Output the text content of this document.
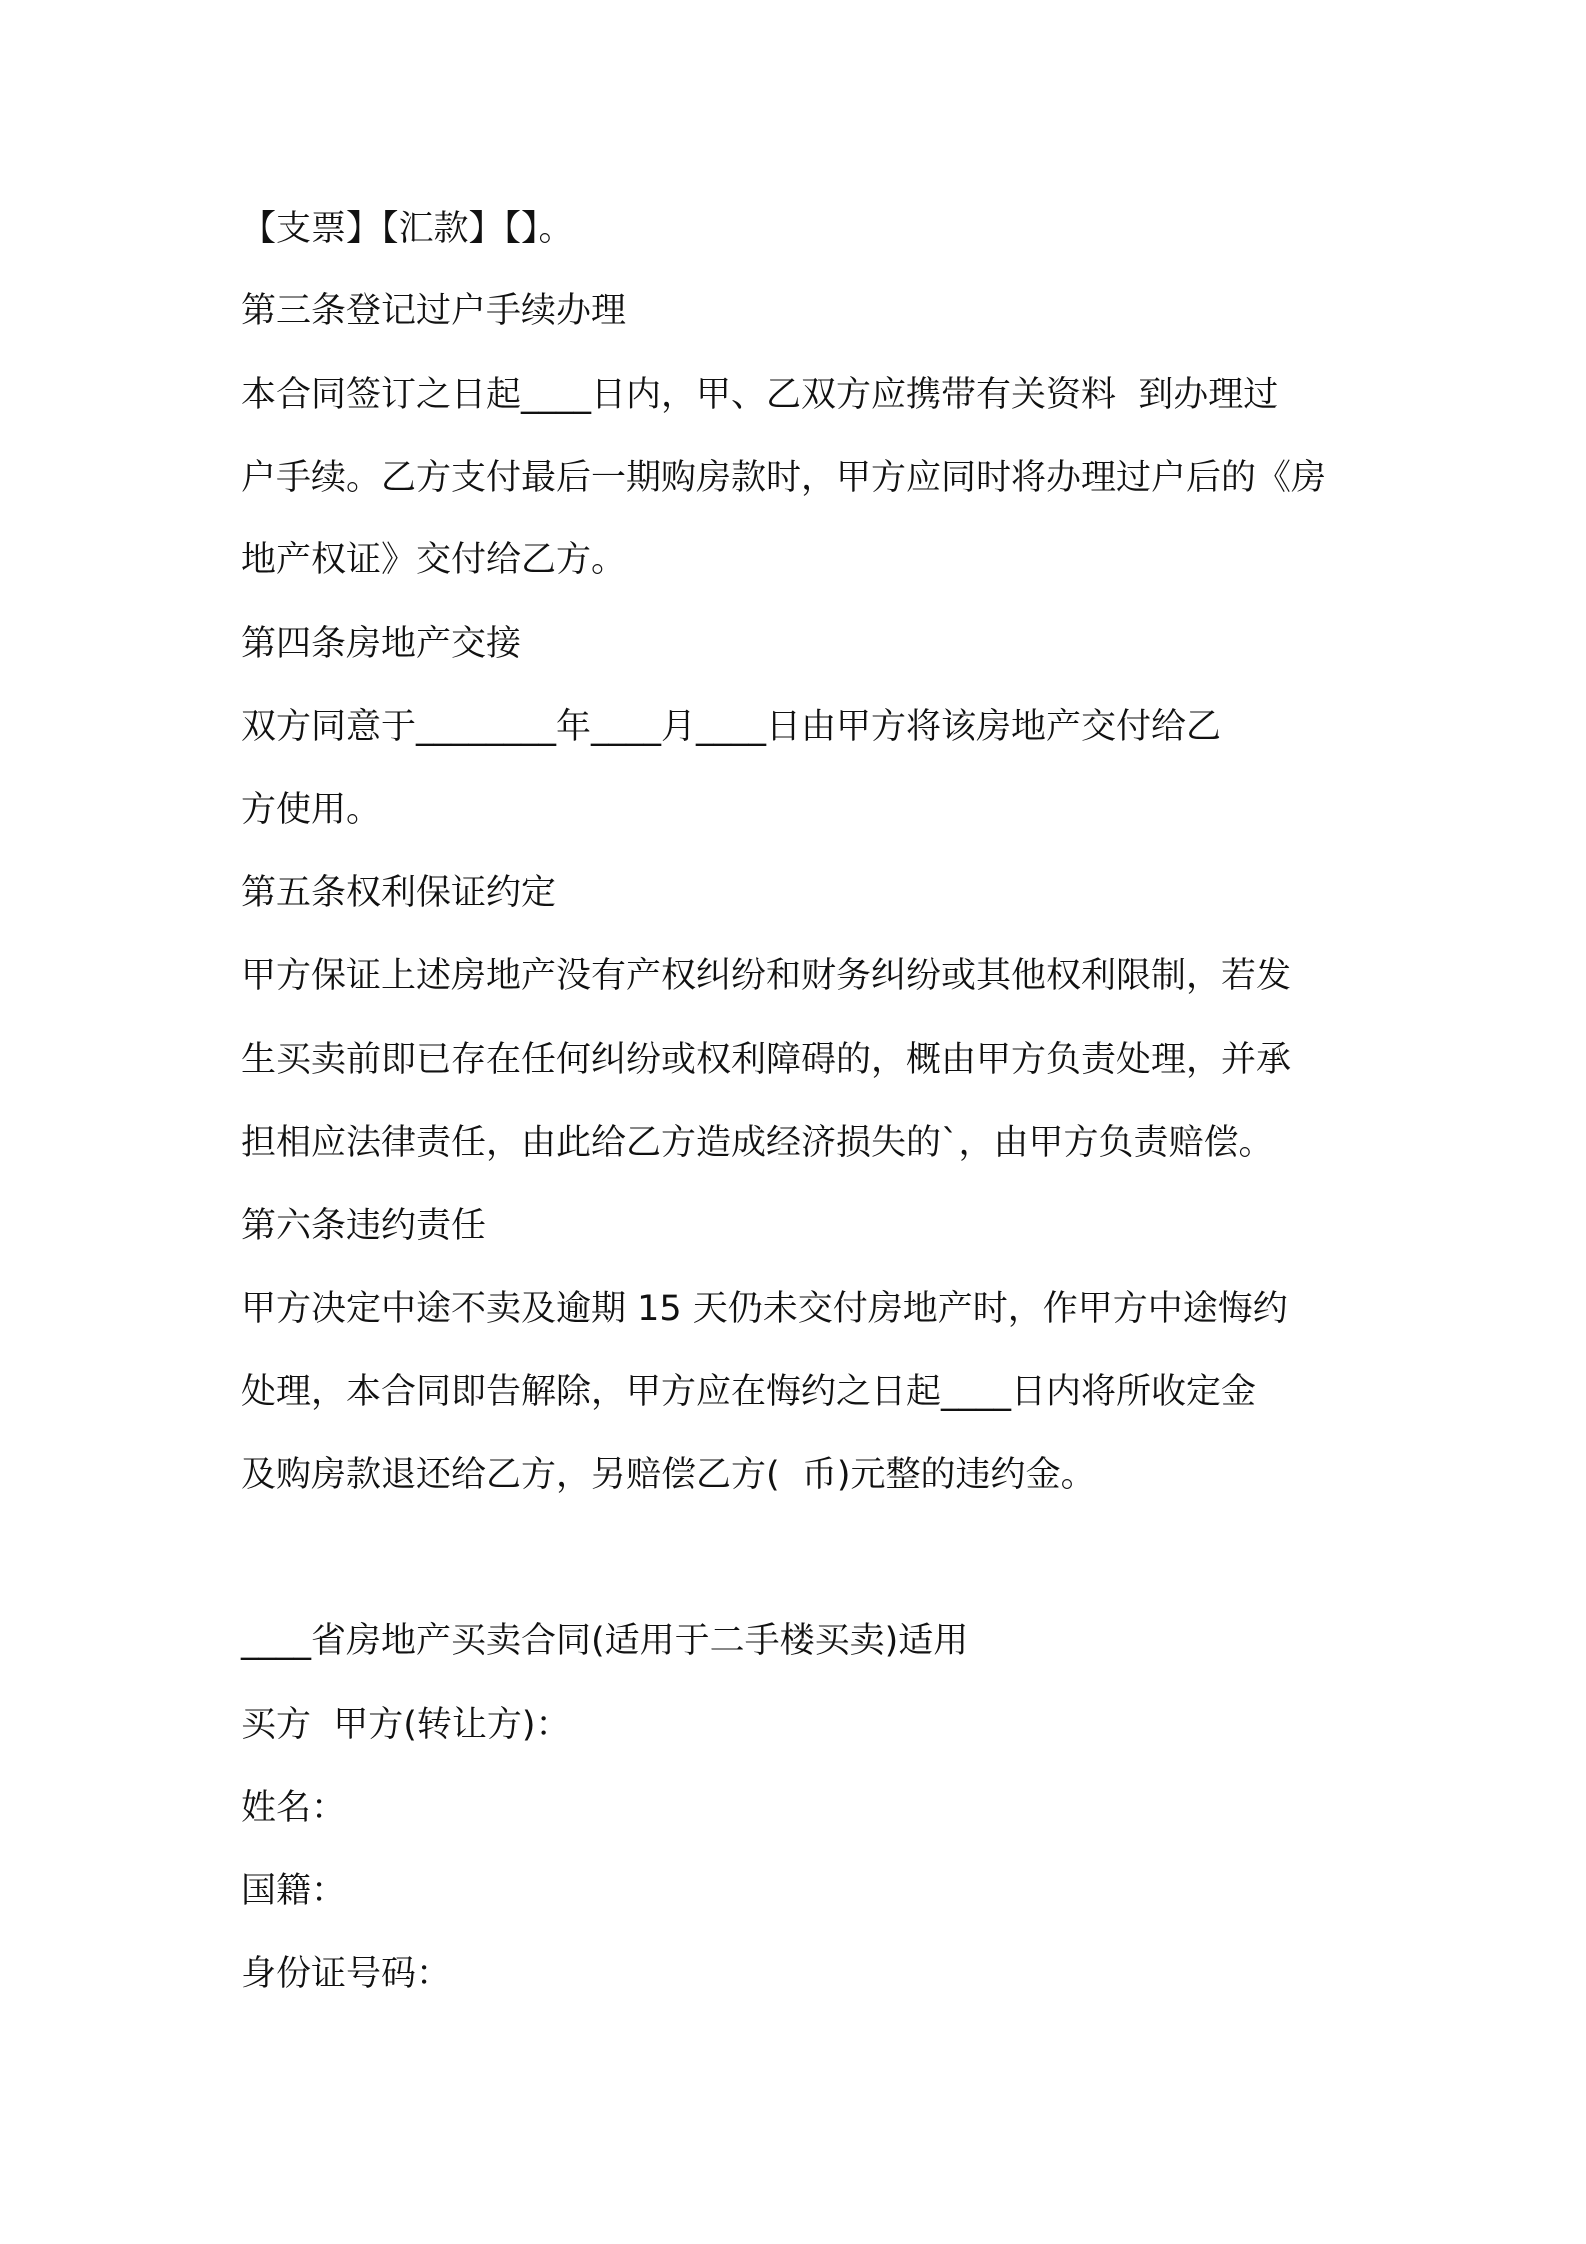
【支票】【汇款】【】。

第三条登记过户手续办理

本合同签订之日起____日内，甲、乙双方应携带有关资料  到办理过

户手续。乙方支付最后一期购房款时，甲方应同时将办理过户后的《房

地产权证》交付给乙方。

第四条房地产交接

双方同意于________年____月____日由甲方将该房地产交付给乙

方使用。

第五条权利保证约定

甲方保证上述房地产没有产权纠纷和财务纠纷或其他权利限制，若发

生买卖前即已存在任何纠纷或权利障碍的，概由甲方负责处理，并承

担相应法律责任，由此给乙方造成经济损失的`，由甲方负责赔偿。

第六条违约责任

甲方决定中途不卖及逾期 15 天仍未交付房地产时，作甲方中途悔约

处理，本合同即告解除，甲方应在悔约之日起____日内将所收定金

及购房款退还给乙方，另赔偿乙方(  币)元整的违约金。

____省房地产买卖合同(适用于二手楼买卖)适用

买方  甲方(转让方)：

姓名：

国籍：

身份证号码：
